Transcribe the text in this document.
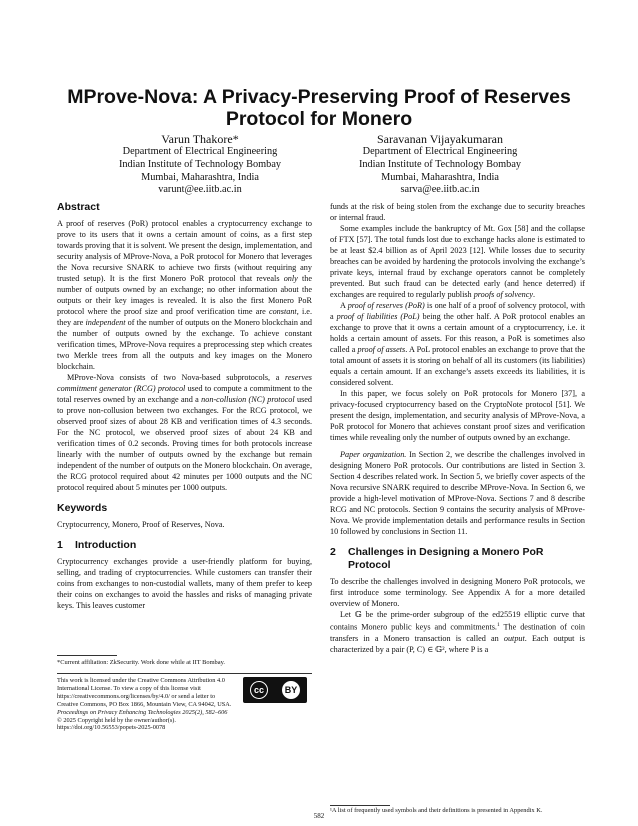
MProve-Nova: A Privacy-Preserving Proof of Reserves Protocol for Monero
Varun Thakore*
Department of Electrical Engineering
Indian Institute of Technology Bombay
Mumbai, Maharashtra, India
varunt@ee.iitb.ac.in
Saravanan Vijayakumaran
Department of Electrical Engineering
Indian Institute of Technology Bombay
Mumbai, Maharashtra, India
sarva@ee.iitb.ac.in
Abstract

A proof of reserves (PoR) protocol enables a cryptocurrency exchange to prove to its users that it owns a certain amount of coins, as a first step towards proving that it is solvent. We present the design, implementation, and security analysis of MProve-Nova, a PoR protocol for Monero that leverages the Nova recursive SNARK to achieve two firsts (without requiring any trusted setup). It is the first Monero PoR protocol that reveals only the number of outputs owned by an exchange; no other information about the outputs or their key images is revealed. It is also the first Monero PoR protocol where the proof size and proof verification time are constant, i.e. they are independent of the number of outputs on the Monero blockchain and the number of outputs owned by the exchange. To achieve constant verification times, MProve-Nova requires a preprocessing step which creates two Merkle trees from all the outputs and key images on the Monero blockchain.

MProve-Nova consists of two Nova-based subprotocols, a reserves commitment generator (RCG) protocol used to compute a commitment to the total reserves owned by an exchange and a non-collusion (NC) protocol used to prove non-collusion between two exchanges. For the RCG protocol, we observed proof sizes of about 28 KB and verification times of 4.3 seconds. For the NC protocol, we observed proof sizes of about 24 KB and verification times of 0.2 seconds. Proving times for both protocols increase linearly with the number of outputs owned by the exchange but remain independent of the number of outputs on the Monero blockchain. On average, the RCG protocol required about 42 minutes per 1000 outputs and the NC protocol required about 5 minutes per 1000 outputs.

Keywords

Cryptocurrency, Monero, Proof of Reserves, Nova.

1 Introduction

Cryptocurrency exchanges provide a user-friendly platform for buying, selling, and trading of cryptocurrencies. While customers can transfer their coins from exchanges to non-custodial wallets, many of them prefer to keep their coins on exchanges to avoid the hassles and risks of managing private keys. This leaves customer

*Current affiliation: ZkSecurity. Work done while at IIT Bombay.
This work is licensed under the Creative Commons Attribution 4.0 International License. To view a copy of this license visit https://creativecommons.org/licenses/by/4.0/ or send a letter to Creative Commons, PO Box 1866, Mountain View, CA 94042, USA.
Proceedings on Privacy Enhancing Technologies 2025(2), 582–606
© 2025 Copyright held by the owner/author(s).
https://doi.org/10.56553/popets-2025-0078
cc	BY

funds at the risk of being stolen from the exchange due to security breaches or internal fraud.

Some examples include the bankruptcy of Mt. Gox [58] and the collapse of FTX [57]. The total funds lost due to exchange hacks alone is estimated to be at least $2.4 billion as of April 2023 [12]. While losses due to security breaches can be avoided by hardening the protocols involving the exchange’s private keys, internal fraud by exchange operators cannot be completely prevented. But such fraud can be detected early (and hence deterred) if exchanges are required to regularly publish proofs of solvency.

A proof of reserves (PoR) is one half of a proof of solvency protocol, with a proof of liabilities (PoL) being the other half. A PoR protocol enables an exchange to prove that it owns a certain amount of a cryptocurrency, i.e. it holds a certain amount of assets. For this reason, a PoR is sometimes also called a proof of assets. A PoL protocol enables an exchange to prove that the total amount of assets it is storing on behalf of all its customers (its liabilities) equals a certain amount. If an exchange’s assets exceeds its liabilities, it is considered solvent.

In this paper, we focus solely on PoR protocols for Monero [37], a privacy-focused cryptocurrency based on the CryptoNote protocol [51]. We present the design, implementation, and security analysis of MProve-Nova, a PoR protocol for Monero that achieves constant proof sizes and verification times while revealing only the number of outputs owned by an exchange.

Paper organization. In Section 2, we describe the challenges involved in designing Monero PoR protocols. Our contributions are listed in Section 3. Section 4 describes related work. In Section 5, we briefly cover aspects of the Nova recursive SNARK required to describe MProve-Nova. In Section 6, we provide a high-level motivation of MProve-Nova. Sections 7 and 8 describe RCG and NC protocols. Section 9 contains the security analysis of MProve-Nova. We provide implementation details and performance results in Section 10 followed by conclusions in Section 11.

2	Challenges in Designing a Monero PoR Protocol

To describe the challenges involved in designing Monero PoR protocols, we first introduce some terminology. See Appendix A for a more detailed overview of Monero.

Let 𝔾 be the prime-order subgroup of the ed25519 elliptic curve that contains Monero public keys and commitments.$^1$ The destination of coin transfers in a Monero transaction is called an output. Each output is characterized by a pair (P, C) ∈ 𝔾², where P is a

¹A list of frequently used symbols and their definitions is presented in Appendix K.
582
